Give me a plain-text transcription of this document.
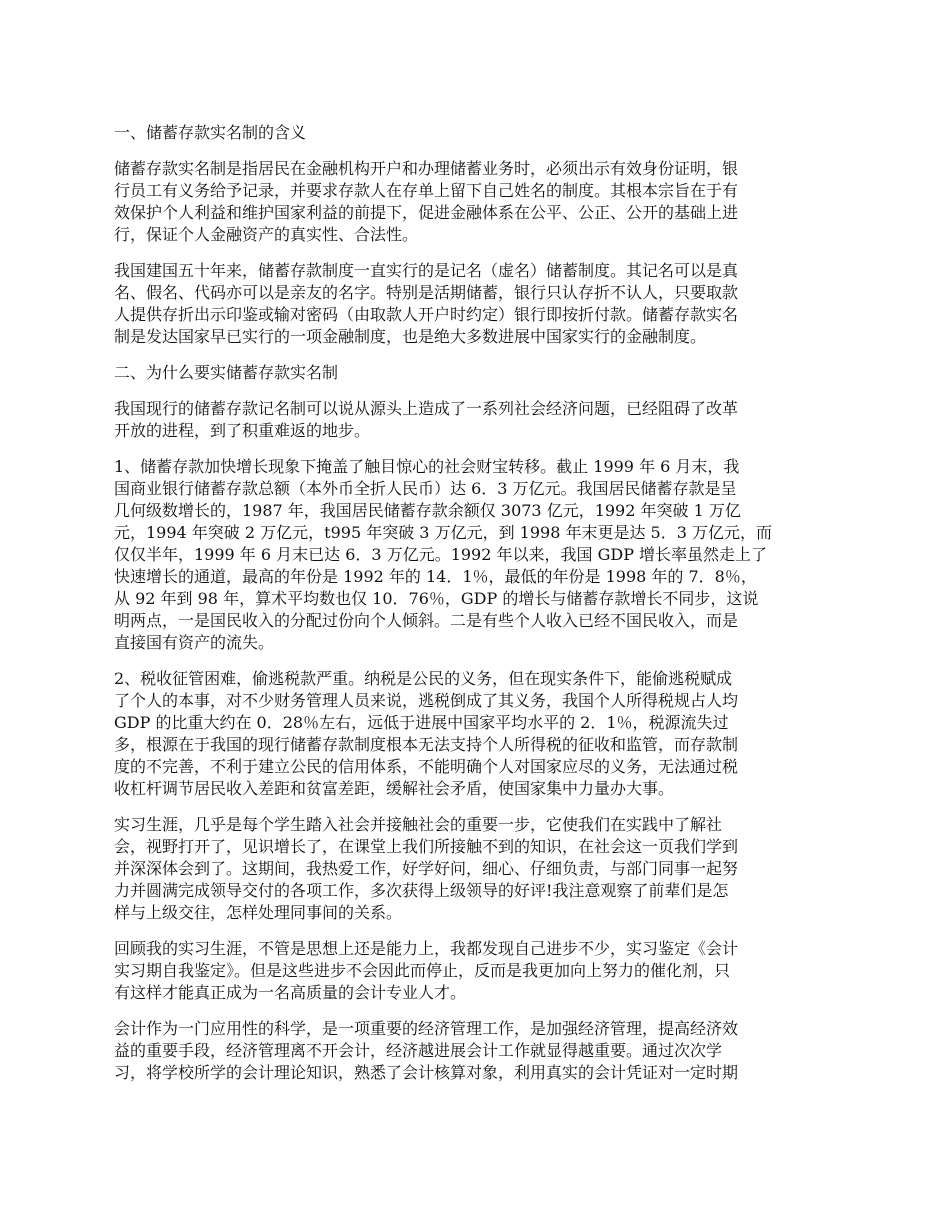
一、储蓄存款实名制的含义
储蓄存款实名制是指居民在金融机构开户和办理储蓄业务时，必须出示有效身份证明，银
行员工有义务给予记录，并要求存款人在存单上留下自己姓名的制度。其根本宗旨在于有
效保护个人利益和维护国家利益的前提下，促进金融体系在公平、公正、公开的基础上进
行，保证个人金融资产的真实性、合法性。
我国建国五十年来，储蓄存款制度一直实行的是记名（虚名）储蓄制度。其记名可以是真
名、假名、代码亦可以是亲友的名字。特别是活期储蓄，银行只认存折不认人，只要取款
人提供存折出示印鉴或输对密码（由取款人开户时约定）银行即按折付款。储蓄存款实名
制是发达国家早已实行的一项金融制度，也是绝大多数进展中国家实行的金融制度。
二、为什么要实储蓄存款实名制
我国现行的储蓄存款记名制可以说从源头上造成了一系列社会经济问题，已经阻碍了改革
开放的进程，到了积重难返的地步。
1、储蓄存款加快增长现象下掩盖了触目惊心的社会财宝转移。截止 1999 年 6 月末，我
国商业银行储蓄存款总额（本外币全折人民币）达 6．3 万亿元。我国居民储蓄存款是呈
几何级数增长的，1987 年，我国居民储蓄存款余额仅 3073 亿元，1992 年突破 1 万亿
元，1994 年突破 2 万亿元，t995 年突破 3 万亿元，到 1998 年末更是达 5．3 万亿元，而
仅仅半年，1999 年 6 月末已达 6．3 万亿元。1992 年以来，我国 GDP 增长率虽然走上了
快速增长的通道，最高的年份是 1992 年的 14．1％，最低的年份是 1998 年的 7．8％，
从 92 年到 98 年，算术平均数也仅 10．76％，GDP 的增长与储蓄存款增长不同步，这说
明两点，一是国民收入的分配过份向个人倾斜。二是有些个人收入已经不国民收入，而是
直接国有资产的流失。
2、税收征管困难，偷逃税款严重。纳税是公民的义务，但在现实条件下，能偷逃税赋成
了个人的本事，对不少财务管理人员来说，逃税倒成了其义务，我国个人所得税规占人均
GDP 的比重大约在 0．28％左右，远低于进展中国家平均水平的 2．1％，税源流失过
多，根源在于我国的现行储蓄存款制度根本无法支持个人所得税的征收和监管，而存款制
度的不完善，不利于建立公民的信用体系，不能明确个人对国家应尽的义务，无法通过税
收杠杆调节居民收入差距和贫富差距，缓解社会矛盾，使国家集中力量办大事。
实习生涯，几乎是每个学生踏入社会并接触社会的重要一步，它使我们在实践中了解社
会，视野打开了，见识增长了，在课堂上我们所接触不到的知识，在社会这一页我们学到
并深深体会到了。这期间，我热爱工作，好学好问，细心、仔细负责，与部门同事一起努
力并圆满完成领导交付的各项工作，多次获得上级领导的好评!我注意观察了前辈们是怎
样与上级交往，怎样处理同事间的关系。
回顾我的实习生涯，不管是思想上还是能力上，我都发现自己进步不少，实习鉴定《会计
实习期自我鉴定》。但是这些进步不会因此而停止，反而是我更加向上努力的催化剂，只
有这样才能真正成为一名高质量的会计专业人才。
会计作为一门应用性的科学，是一项重要的经济管理工作，是加强经济管理，提高经济效
益的重要手段，经济管理离不开会计，经济越进展会计工作就显得越重要。通过次次学
习，将学校所学的会计理论知识，熟悉了会计核算对象，利用真实的会计凭证对一定时期
